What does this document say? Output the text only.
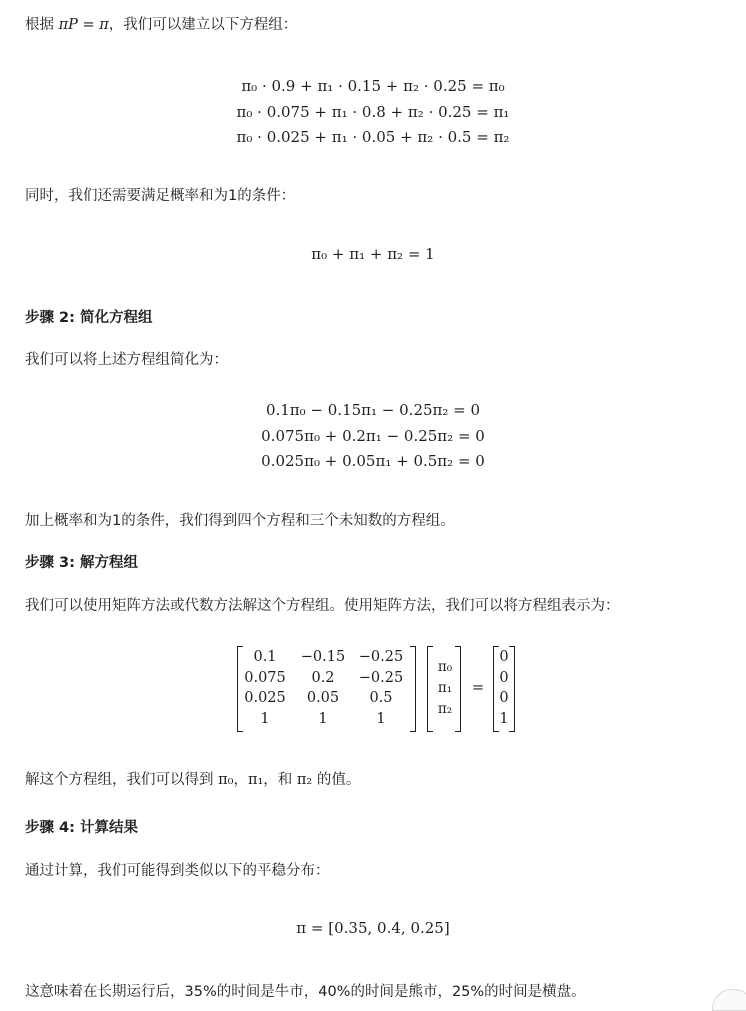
根据 πP = π，我们可以建立以下方程组：
π₀ · 0.9 + π₁ · 0.15 + π₂ · 0.25 = π₀
π₀ · 0.075 + π₁ · 0.8 + π₂ · 0.25 = π₁
π₀ · 0.025 + π₁ · 0.05 + π₂ · 0.5 = π₂
同时，我们还需要满足概率和为1的条件：
π₀ + π₁ + π₂ = 1
步骤 2: 简化方程组
我们可以将上述方程组简化为：
0.1π₀ − 0.15π₁ − 0.25π₂ = 0
0.075π₀ + 0.2π₁ − 0.25π₂ = 0
0.025π₀ + 0.05π₁ + 0.5π₂ = 0
加上概率和为1的条件，我们得到四个方程和三个未知数的方程组。
步骤 3: 解方程组
我们可以使用矩阵方法或代数方法解这个方程组。使用矩阵方法，我们可以将方程组表示为：
0.1	−0.15 −0.25
0.075	0.2	−0.25
0.025	0.05	0.5
1	1	1
π₀
π₁
π₂
=
0
0
0
1
解这个方程组，我们可以得到 π₀，π₁，和 π₂ 的值。
步骤 4: 计算结果
通过计算，我们可能得到类似以下的平稳分布：
π = [0.35, 0.4, 0.25]
这意味着在长期运行后，35%的时间是牛市，40%的时间是熊市，25%的时间是横盘。
